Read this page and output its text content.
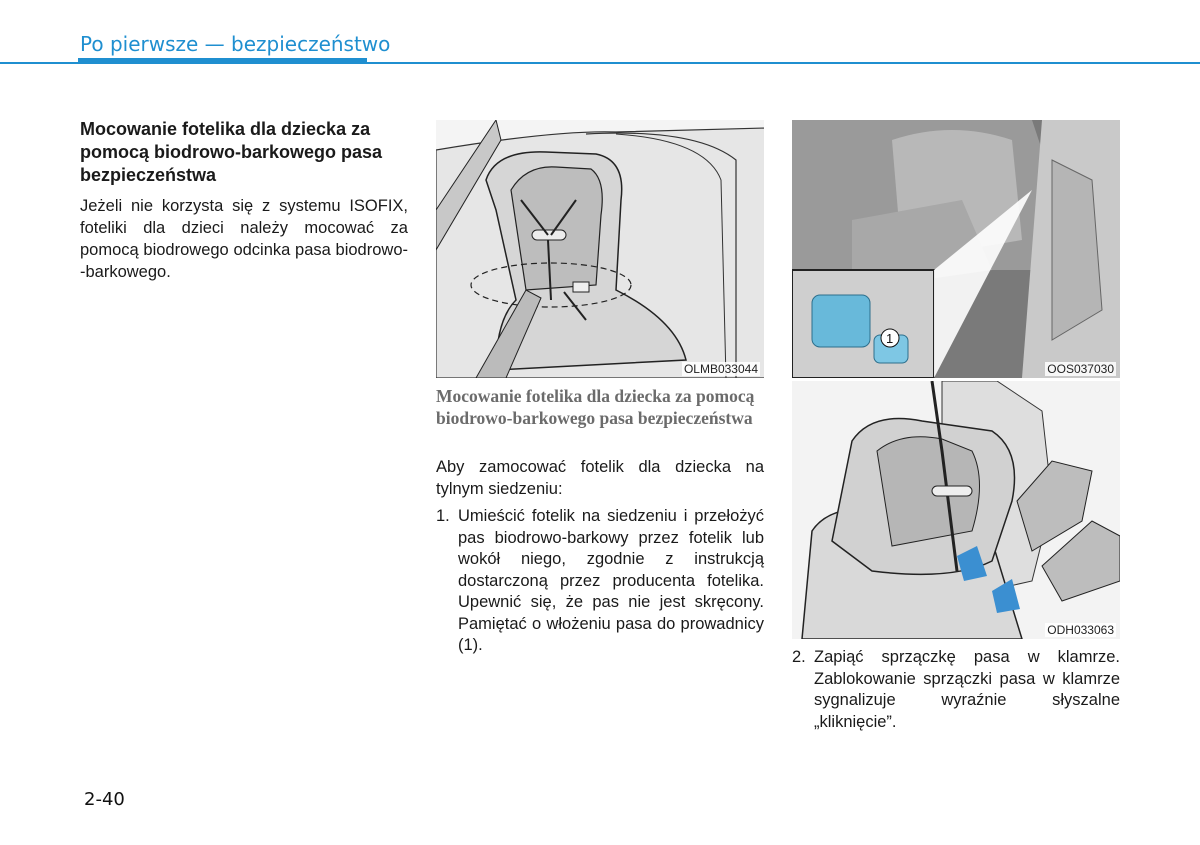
Po pierwsze — bezpieczeństwo

Mocowanie fotelika dla dziecka za pomocą biodrowo-barkowego pasa bezpieczeństwa

Jeżeli nie korzysta się z systemu ISOFIX, foteliki dla dzieci należy mocować za pomocą biodrowego odcinka pasa biodrowo--barkowego.

OLMB033044
1
OOS037030
Mocowanie fotelika dla dziecka za pomocą biodrowo-barkowego pasa bezpieczeństwa

Aby zamocować fotelik dla dziecka na tylnym siedzeniu:

1. Umieścić fotelik na siedzeniu i przełożyć pas biodrowo-barkowy przez fotelik lub wokół niego, zgodnie z instrukcją dostarczoną przez producenta fotelika. Upewnić się, że pas nie jest skręcony. Pamiętać o włożeniu pasa do prowadnicy (1).
ODH033063
2. Zapiąć sprzączkę pasa w klamrze. Zablokowanie sprzączki pasa w klamrze sygnalizuje wyraźnie słyszalne „kliknięcie”.
2-40
